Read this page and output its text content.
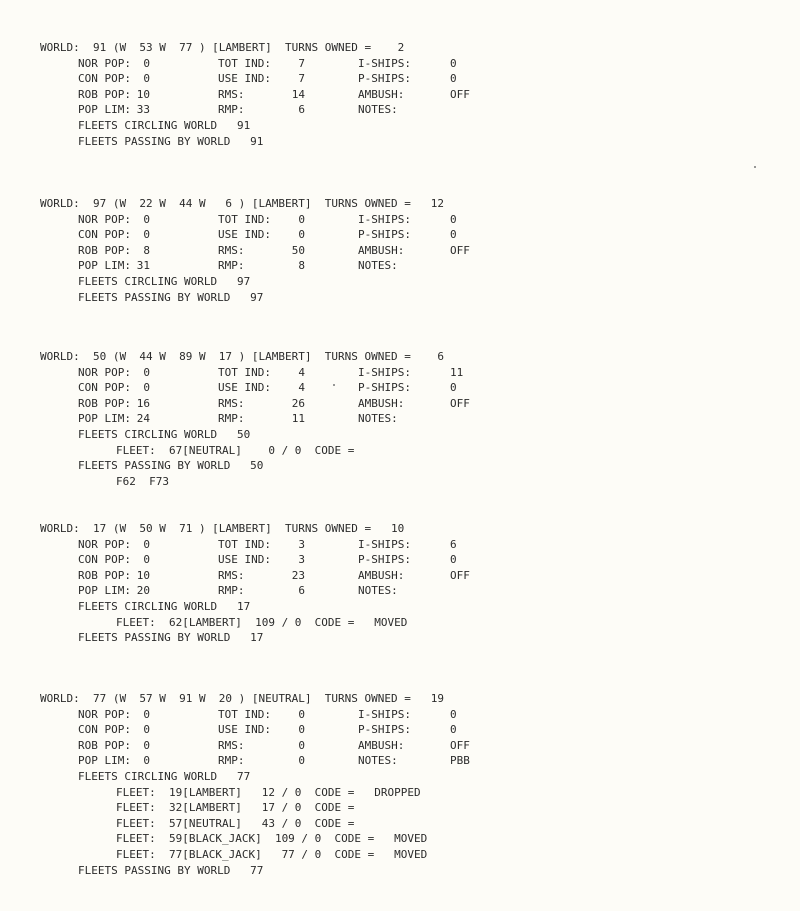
WORLD:  91 (W  53 W  77 ) [LAMBERT]  TURNS OWNED =    2
NOR POP: 0	TOT IND: 7	I-SHIPS:	0
CON POP: 0	USE IND: 7	P-SHIPS:	0
ROB POP: 10	RMS:	14	AMBUSH:	OFF
POP LIM: 33	RMP:	6	NOTES:
FLEETS CIRCLING WORLD   91
FLEETS PASSING BY WORLD   91
WORLD:  97 (W  22 W  44 W   6 ) [LAMBERT]  TURNS OWNED =   12
NOR POP: 0	TOT IND: 0	I-SHIPS:	0
CON POP: 0	USE IND: 0	P-SHIPS:	0
ROB POP: 8	RMS:	50	AMBUSH:	OFF
POP LIM: 31	RMP:	8	NOTES:
FLEETS CIRCLING WORLD   97
FLEETS PASSING BY WORLD   97
WORLD:  50 (W  44 W  89 W  17 ) [LAMBERT]  TURNS OWNED =    6
NOR POP: 0	TOT IND: 4	I-SHIPS:	11
CON POP: 0	USE IND: 4	P-SHIPS:	0
ROB POP: 16	RMS:	26	AMBUSH:	OFF
POP LIM: 24	RMP:	11	NOTES:
FLEETS CIRCLING WORLD   50
FLEET:  67[NEUTRAL]    0 / 0  CODE =
FLEETS PASSING BY WORLD   50
F62  F73
WORLD:  17 (W  50 W  71 ) [LAMBERT]  TURNS OWNED =   10
NOR POP: 0	TOT IND: 3	I-SHIPS:	6
CON POP: 0	USE IND: 3	P-SHIPS:	0
ROB POP: 10	RMS:	23	AMBUSH:	OFF
POP LIM: 20	RMP:	6	NOTES:
FLEETS CIRCLING WORLD   17
FLEET:  62[LAMBERT]  109 / 0  CODE =   MOVED
FLEETS PASSING BY WORLD   17
WORLD:  77 (W  57 W  91 W  20 ) [NEUTRAL]  TURNS OWNED =   19
NOR POP: 0	TOT IND: 0	I-SHIPS:	0
CON POP: 0	USE IND: 0	P-SHIPS:	0
ROB POP: 0	RMS:	0	AMBUSH:	OFF
POP LIM: 0	RMP:	0	NOTES:	PBB
FLEETS CIRCLING WORLD   77
FLEET:  19[LAMBERT]   12 / 0  CODE =   DROPPED
FLEET:  32[LAMBERT]   17 / 0  CODE =
FLEET:  57[NEUTRAL]   43 / 0  CODE =
FLEET:  59[BLACK_JACK]  109 / 0  CODE =   MOVED
FLEET:  77[BLACK_JACK]   77 / 0  CODE =   MOVED
FLEETS PASSING BY WORLD   77
